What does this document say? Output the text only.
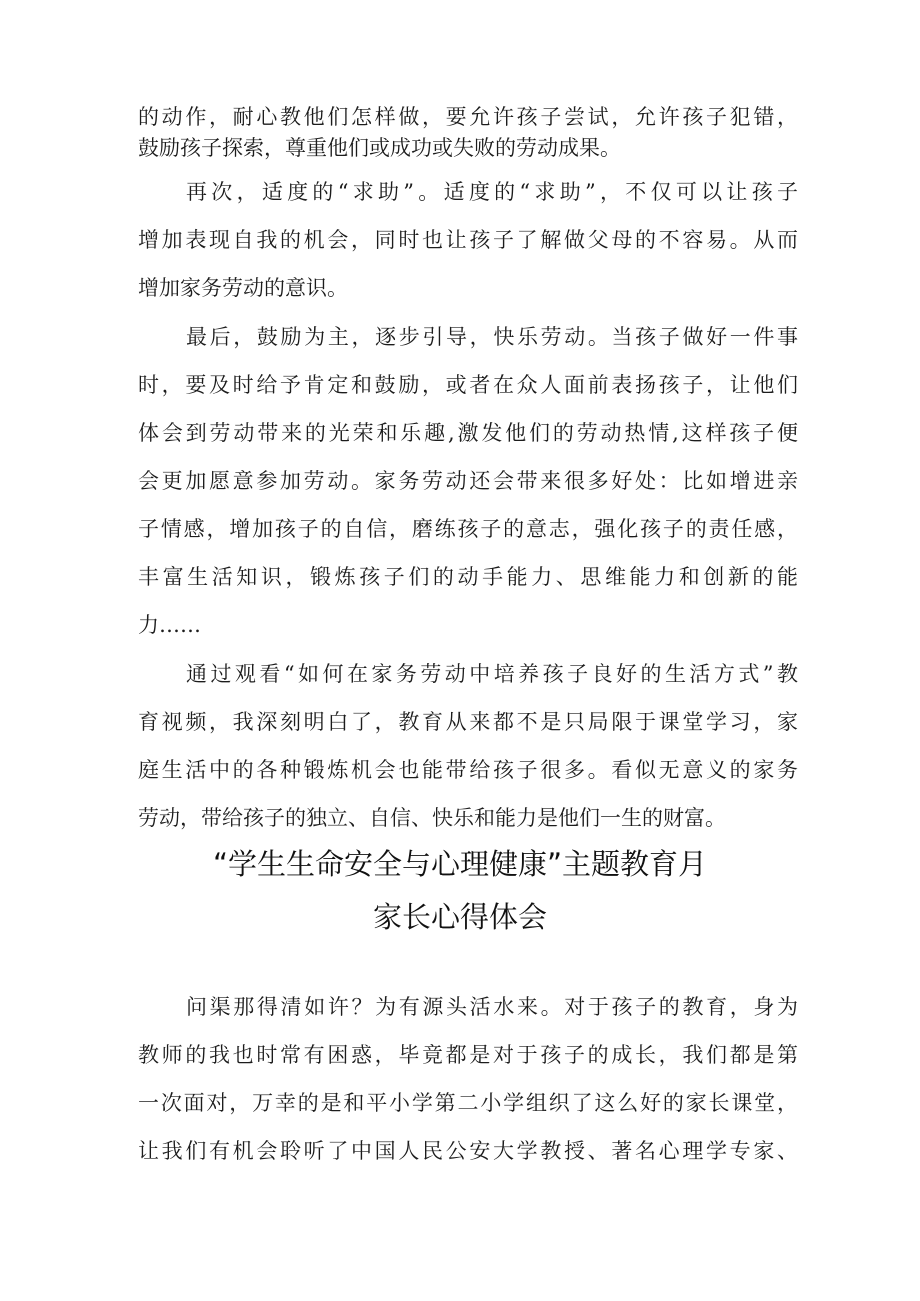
的动作，耐心教他们怎样做，要允许孩子尝试，允许孩子犯错，
鼓励孩子探索，尊重他们或成功或失败的劳动成果。
再次，适度的“求助”。适度的“求助”，不仅可以让孩子
增加表现自我的机会，同时也让孩子了解做父母的不容易。从而
增加家务劳动的意识。
最后，鼓励为主，逐步引导，快乐劳动。当孩子做好一件事
时，要及时给予肯定和鼓励，或者在众人面前表扬孩子，让他们
体会到劳动带来的光荣和乐趣,激发他们的劳动热情,这样孩子便
会更加愿意参加劳动。家务劳动还会带来很多好处：比如增进亲
子情感，增加孩子的自信，磨练孩子的意志，强化孩子的责任感，
丰富生活知识，锻炼孩子们的动手能力、思维能力和创新的能
力……
通过观看“如何在家务劳动中培养孩子良好的生活方式”教
育视频，我深刻明白了，教育从来都不是只局限于课堂学习，家
庭生活中的各种锻炼机会也能带给孩子很多。看似无意义的家务
劳动，带给孩子的独立、自信、快乐和能力是他们一生的财富。
“学生生命安全与心理健康”主题教育月
家长心得体会
问渠那得清如许？为有源头活水来。对于孩子的教育，身为
教师的我也时常有困惑，毕竟都是对于孩子的成长，我们都是第
一次面对，万幸的是和平小学第二小学组织了这么好的家长课堂，
让我们有机会聆听了中国人民公安大学教授、著名心理学专家、
